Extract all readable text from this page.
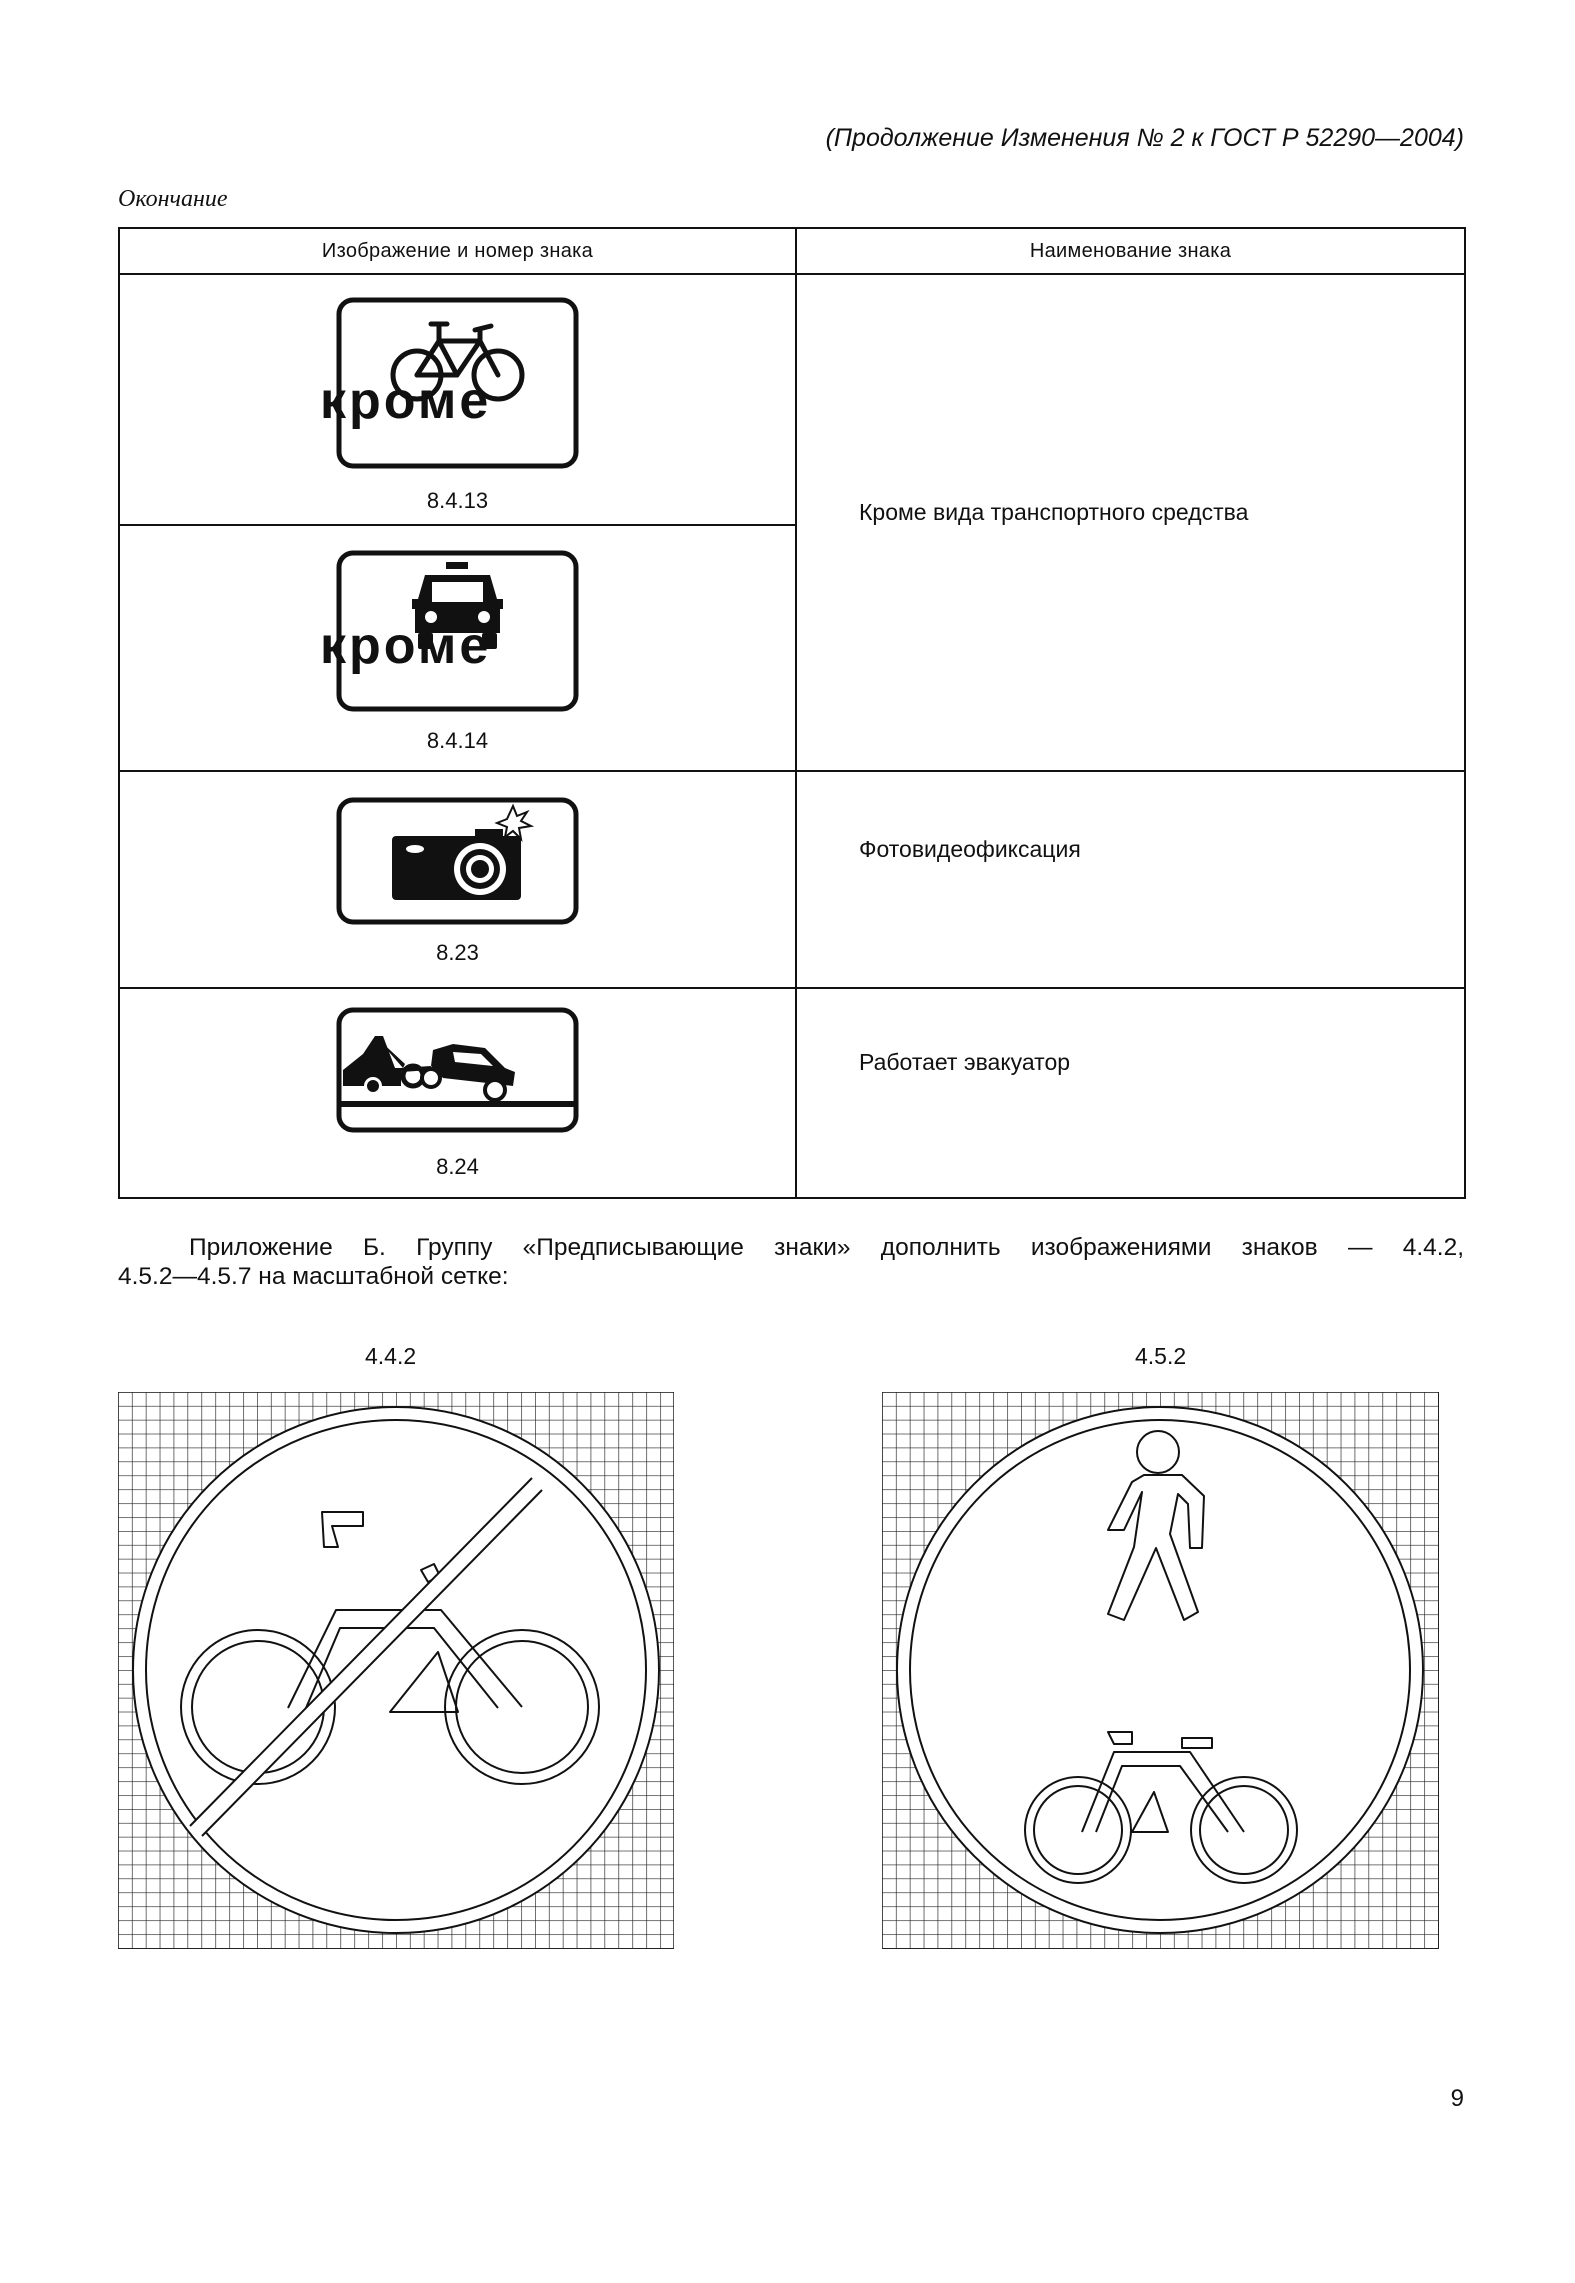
(Продолжение Изменения № 2 к ГОСТ Р 52290—2004)
Окончание
Изображение и номер знака	Наименование знака

8.4.13
кроме	Кроме вида транспортного средства

8.4.14
кроме	

8.23	Фотовидеофиксация

8.24	Работает эвакуатор
Приложение Б. Группу «Предписывающие знаки» дополнить изображениями знаков — 4.4.2,
4.5.2—4.5.7 на масштабной сетке:
4.4.2	4.5.2
9
